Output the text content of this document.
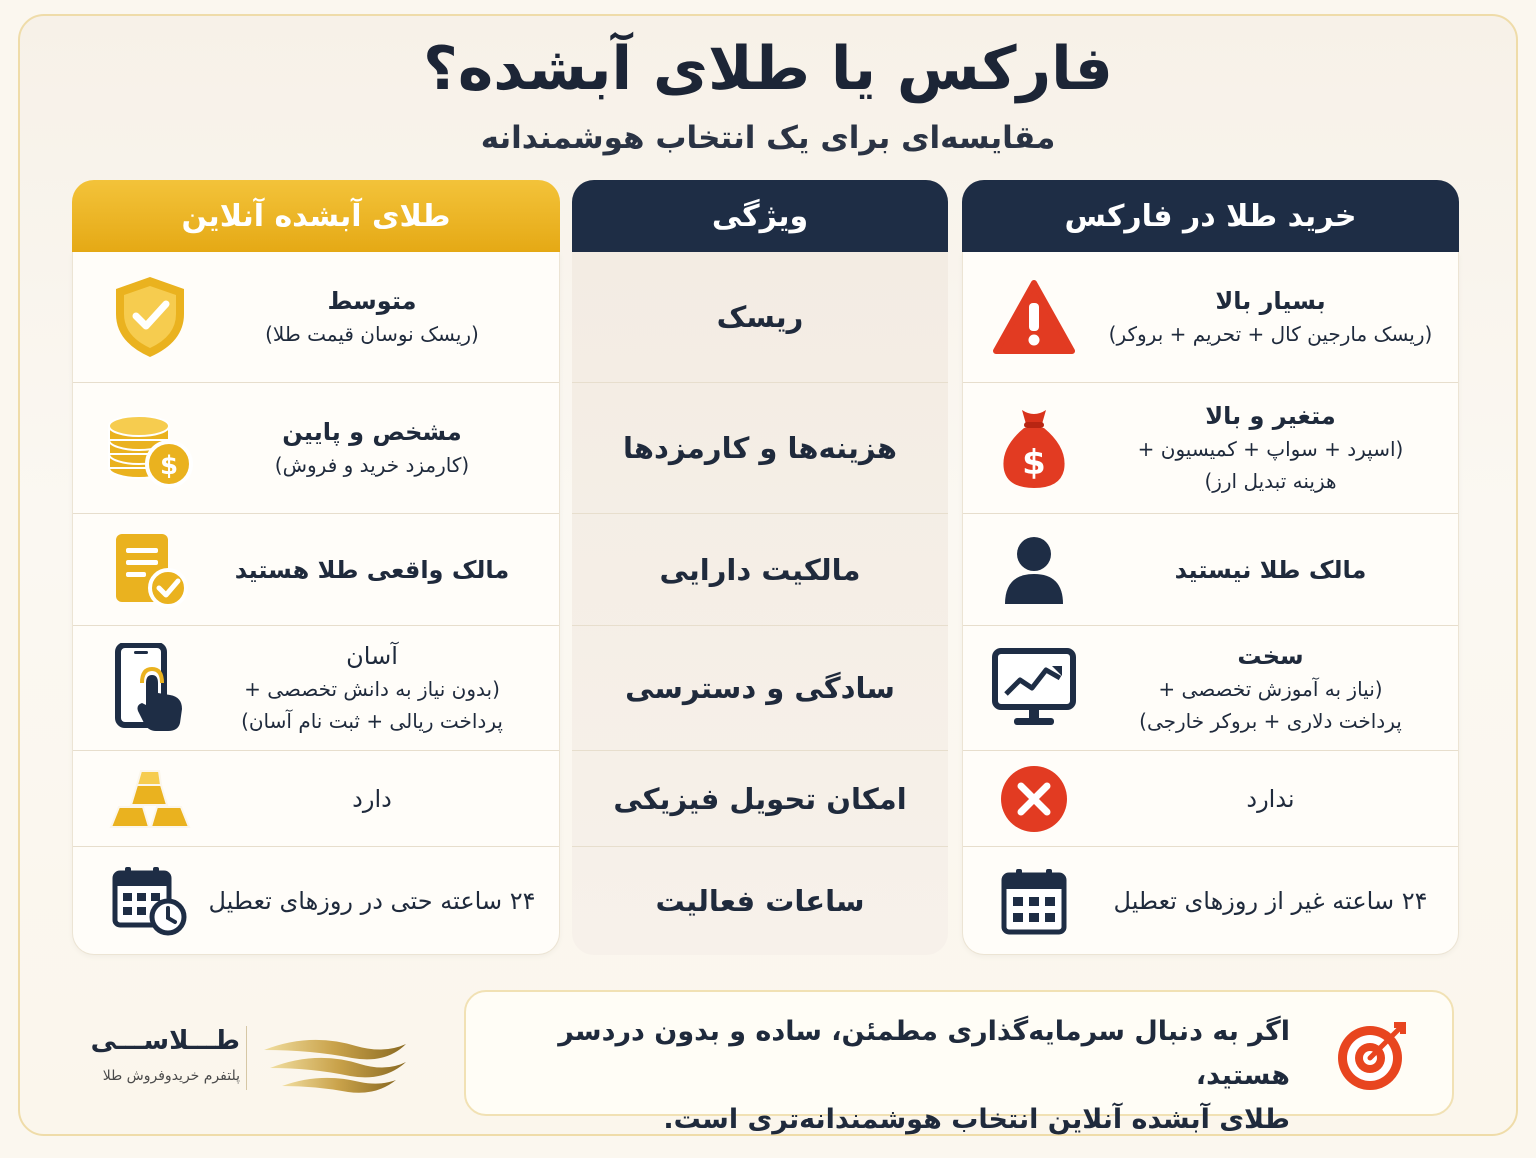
فارکس یا طلای آبشده؟
مقایسه‌ای برای یک انتخاب هوشمندانه
خرید طلا در فارکس
بسیار بالا
(ریسک مارجین کال + تحریم + بروکر)
$
متغیر و بالا
(اسپرد + سواپ + کمیسیون +
هزینه تبدیل ارز)
مالک طلا نیستید
سخت
(نیاز به آموزش تخصصی +
پرداخت دلاری + بروکر خارجی)
ندارد
۲۴ ساعته غیر از روزهای تعطیل
ویژگی
ریسک
هزینه‌ها و کارمزدها
مالکیت دارایی
سادگی و دسترسی
امکان تحویل فیزیکی
ساعات فعالیت
طلای آبشده آنلاین
متوسط
(ریسک نوسان قیمت طلا)
$
مشخص و پایین
(کارمزد خرید و فروش)
مالک واقعی طلا هستید
آسان
(بدون نیاز به دانش تخصصی +
پرداخت ریالی + ثبت نام آسان)
دارد
۲۴ ساعته حتی در روزهای تعطیل
اگر به دنبال سرمایه‌گذاری مطمئن، ساده و بدون دردسر هستید،
طلای آبشده آنلاین انتخاب هوشمندانه‌تری است.
طـــلاســـی
پلتفرم خریدوفروش طلا
